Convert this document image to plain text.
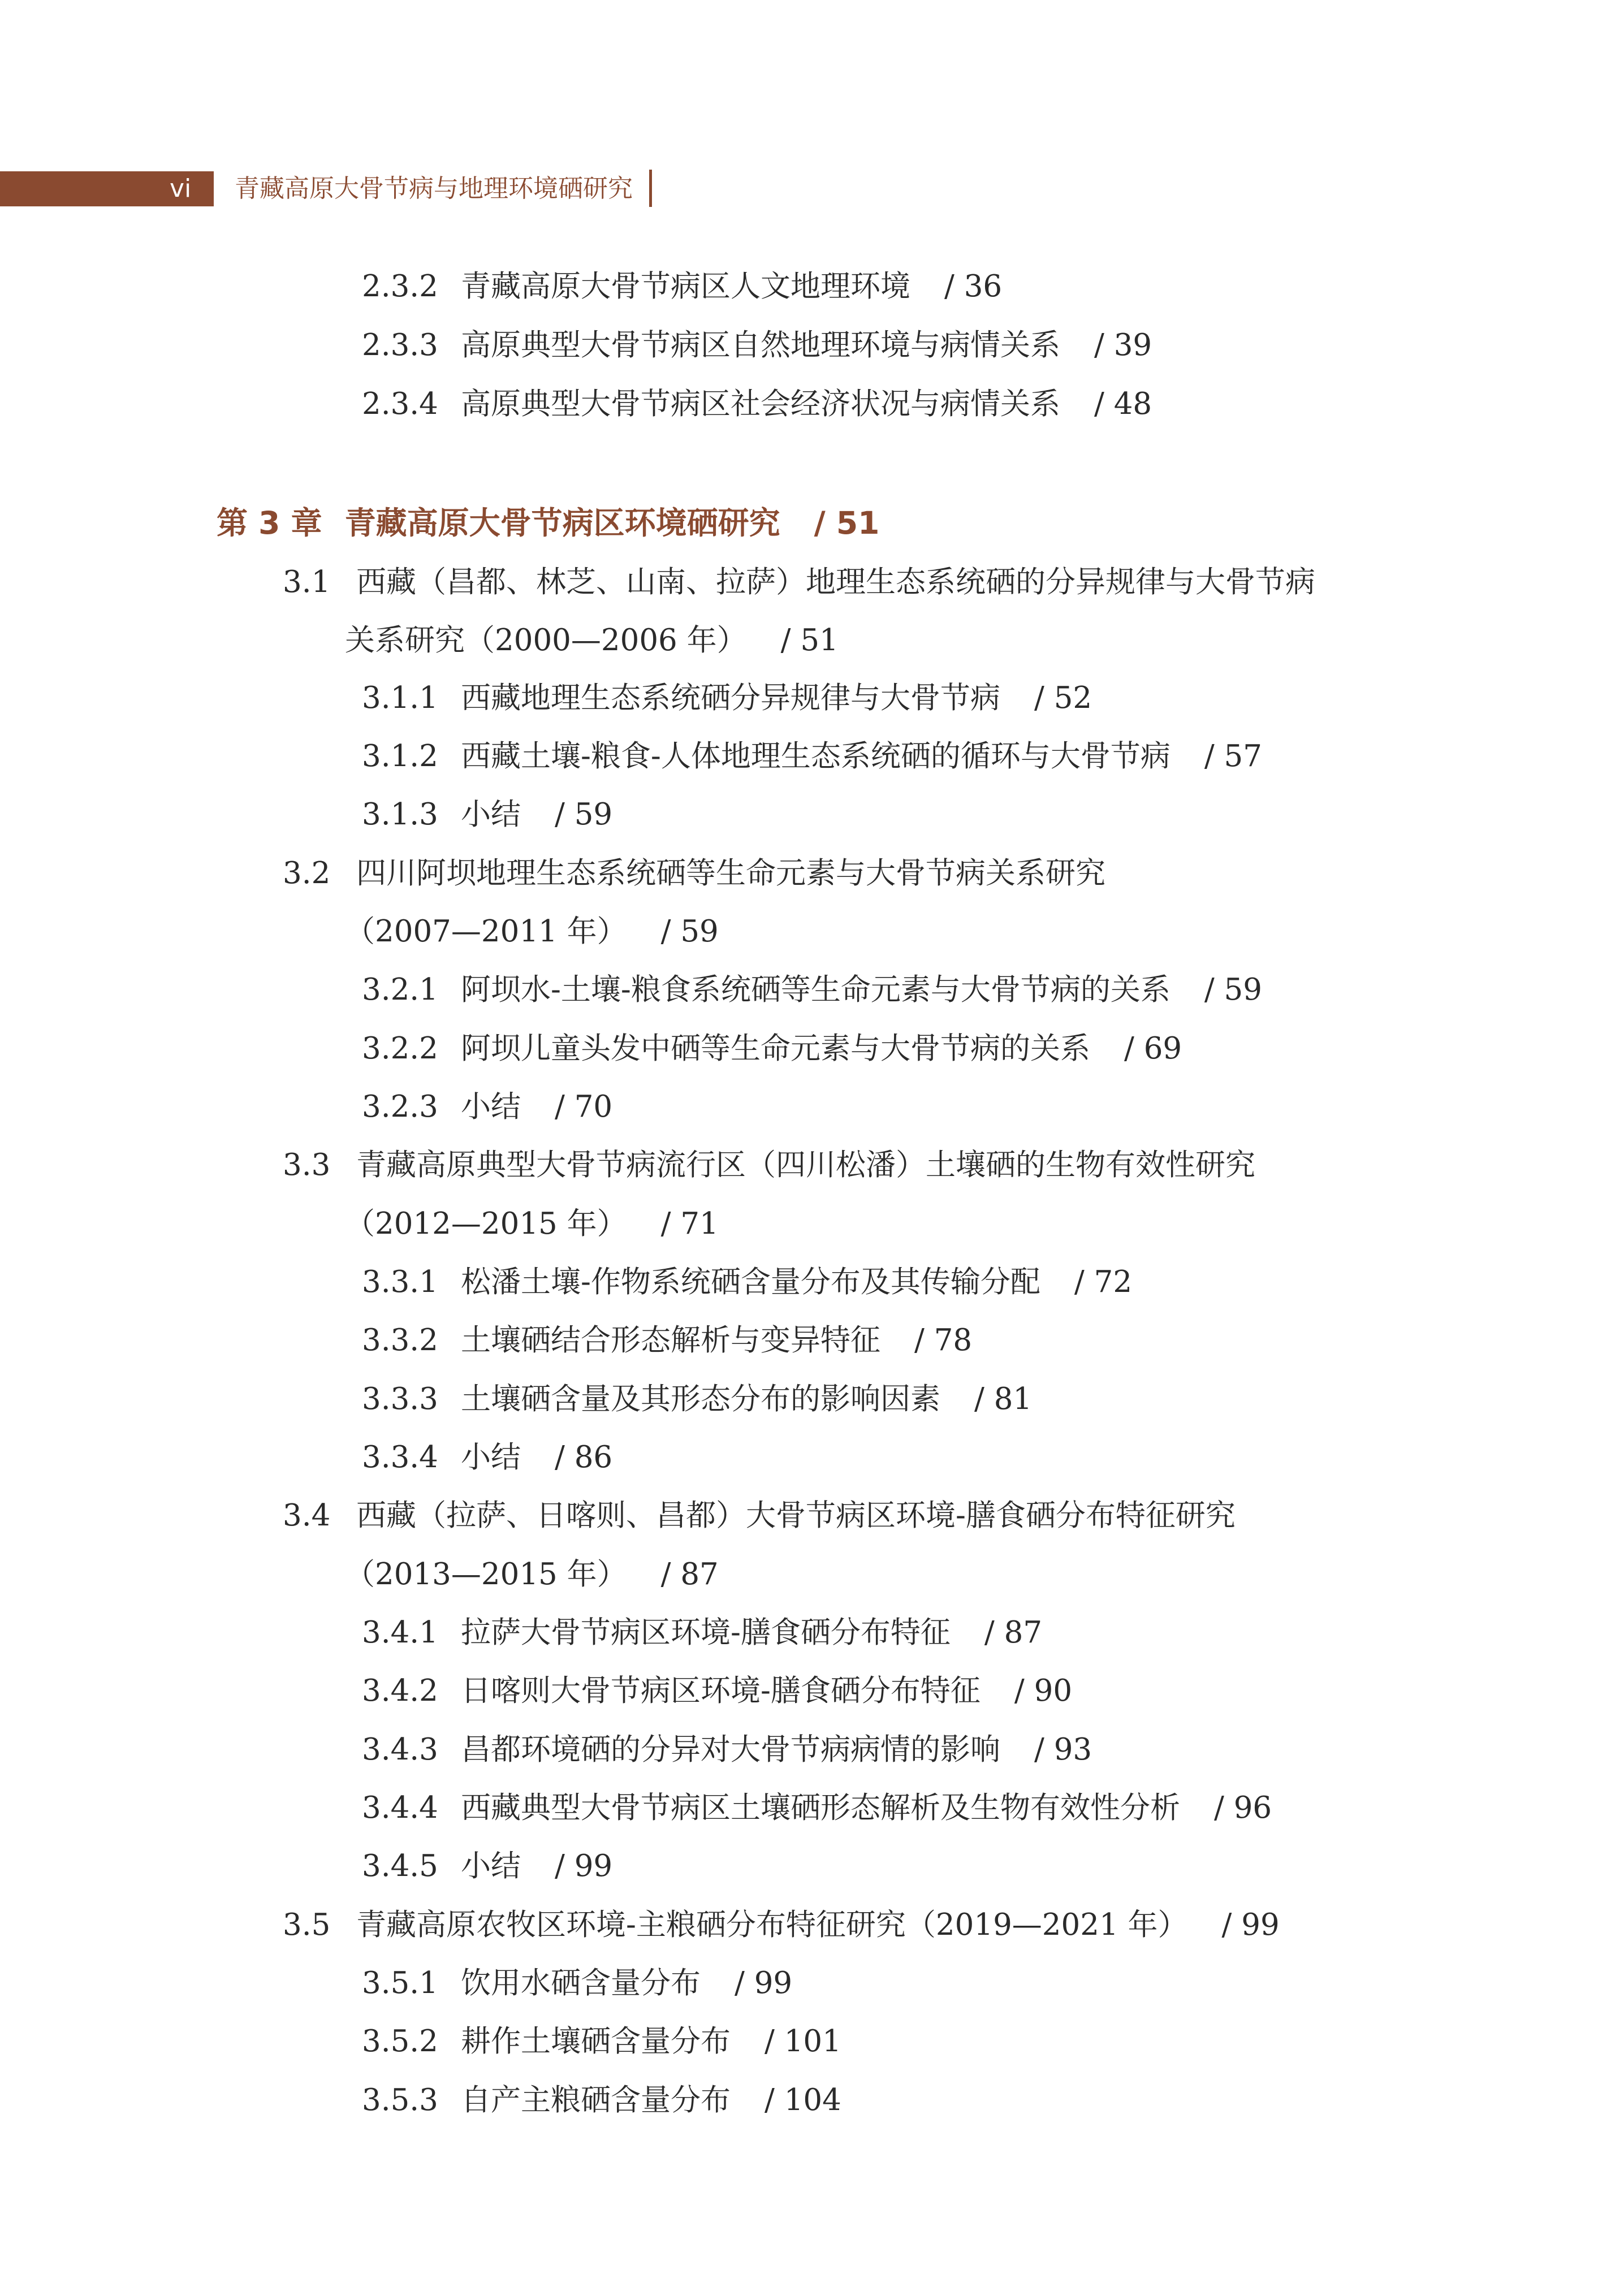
vi 青藏高原大骨节病与地理环境硒研究
2.3.2 青藏高原大骨节病区人文地理环境 / 36
2.3.3 高原典型大骨节病区自然地理环境与病情关系 / 39
2.3.4 高原典型大骨节病区社会经济状况与病情关系 / 48
第 3 章 青藏高原大骨节病区环境硒研究 / 51
3.1 西藏（昌都、林芝、山南、拉萨）地理生态系统硒的分异规律与大骨节病
关系研究（2000—2006 年） / 51
3.1.1 西藏地理生态系统硒分异规律与大骨节病 / 52
3.1.2 西藏土壤-粮食-人体地理生态系统硒的循环与大骨节病 / 57
3.1.3 小结 / 59
3.2 四川阿坝地理生态系统硒等生命元素与大骨节病关系研究
（2007—2011 年） / 59
3.2.1 阿坝水-土壤-粮食系统硒等生命元素与大骨节病的关系 / 59
3.2.2 阿坝儿童头发中硒等生命元素与大骨节病的关系 / 69
3.2.3 小结 / 70
3.3 青藏高原典型大骨节病流行区（四川松潘）土壤硒的生物有效性研究
（2012—2015 年） / 71
3.3.1 松潘土壤-作物系统硒含量分布及其传输分配 / 72
3.3.2 土壤硒结合形态解析与变异特征 / 78
3.3.3 土壤硒含量及其形态分布的影响因素 / 81
3.3.4 小结 / 86
3.4 西藏（拉萨、日喀则、昌都）大骨节病区环境-膳食硒分布特征研究
（2013—2015 年） / 87
3.4.1 拉萨大骨节病区环境-膳食硒分布特征 / 87
3.4.2 日喀则大骨节病区环境-膳食硒分布特征 / 90
3.4.3 昌都环境硒的分异对大骨节病病情的影响 / 93
3.4.4 西藏典型大骨节病区土壤硒形态解析及生物有效性分析 / 96
3.4.5 小结 / 99
3.5 青藏高原农牧区环境-主粮硒分布特征研究（2019—2021 年） / 99
3.5.1 饮用水硒含量分布 / 99
3.5.2 耕作土壤硒含量分布 / 101
3.5.3 自产主粮硒含量分布 / 104
